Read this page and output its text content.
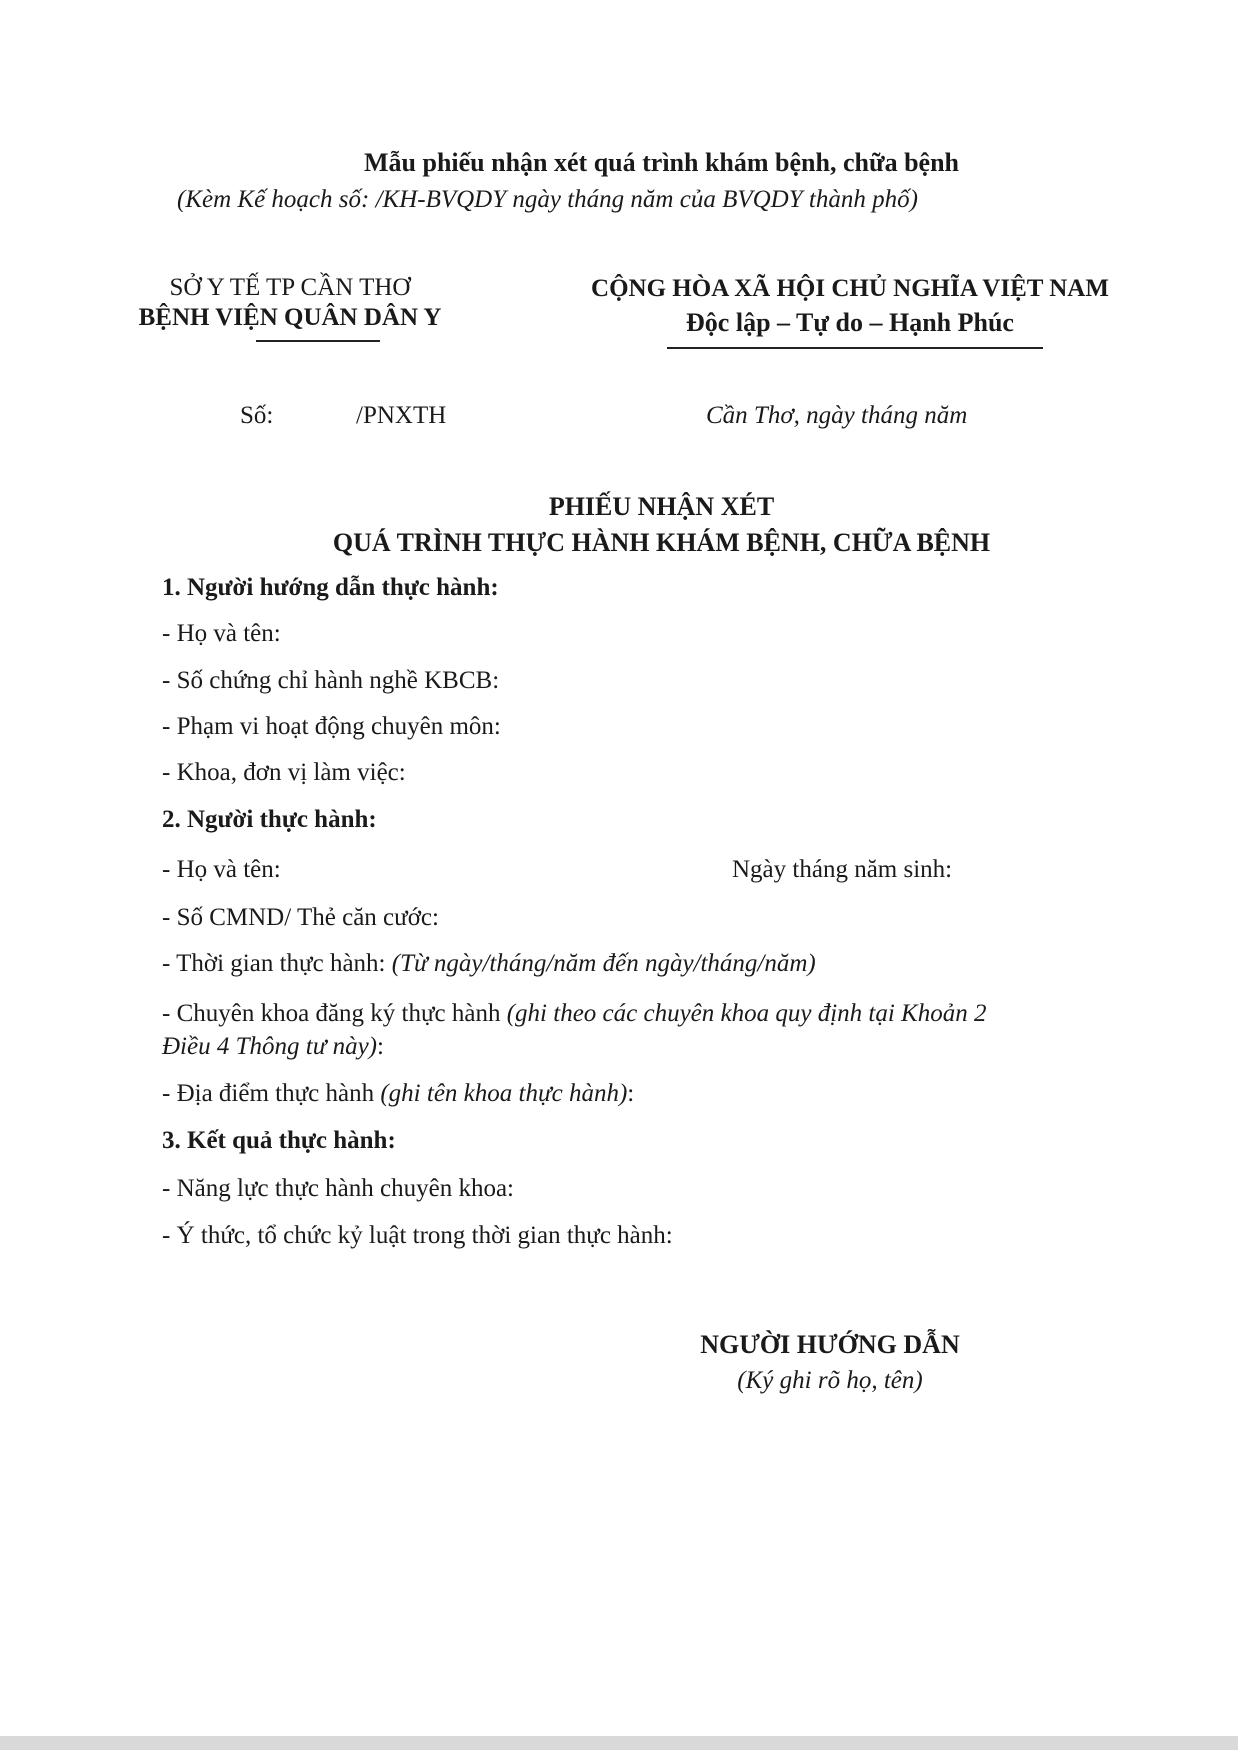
Mẫu phiếu nhận xét quá trình khám bệnh, chữa bệnh
(Kèm Kế hoạch số: /KH-BVQDY ngày tháng năm của BVQDY thành phố)
SỞ Y TẾ TP CẦN THƠ
BỆNH VIỆN QUÂN DÂN Y
CỘNG HÒA XÃ HỘI CHỦ NGHĨA VIỆT NAM
Độc lập – Tự do – Hạnh Phúc
Số:	/PNXTH	Cần Thơ, ngày tháng năm
PHIẾU NHẬN XÉT
QUÁ TRÌNH THỰC HÀNH KHÁM BỆNH, CHỮA BỆNH
1. Người hướng dẫn thực hành:
- Họ và tên:
- Số chứng chỉ hành nghề KBCB:
- Phạm vi hoạt động chuyên môn:
- Khoa, đơn vị làm việc:
2. Người thực hành:
- Họ và tên:	Ngày tháng năm sinh:
- Số CMND/ Thẻ căn cước:
- Thời gian thực hành: (Từ ngày/tháng/năm đến ngày/tháng/năm)
- Chuyên khoa đăng ký thực hành (ghi theo các chuyên khoa quy định tại Khoản 2
Điều 4 Thông tư này):
- Địa điểm thực hành (ghi tên khoa thực hành):
3. Kết quả thực hành:
- Năng lực thực hành chuyên khoa:
- Ý thức, tổ chức kỷ luật trong thời gian thực hành:
NGƯỜI HƯỚNG DẪN
(Ký ghi rõ họ, tên)
